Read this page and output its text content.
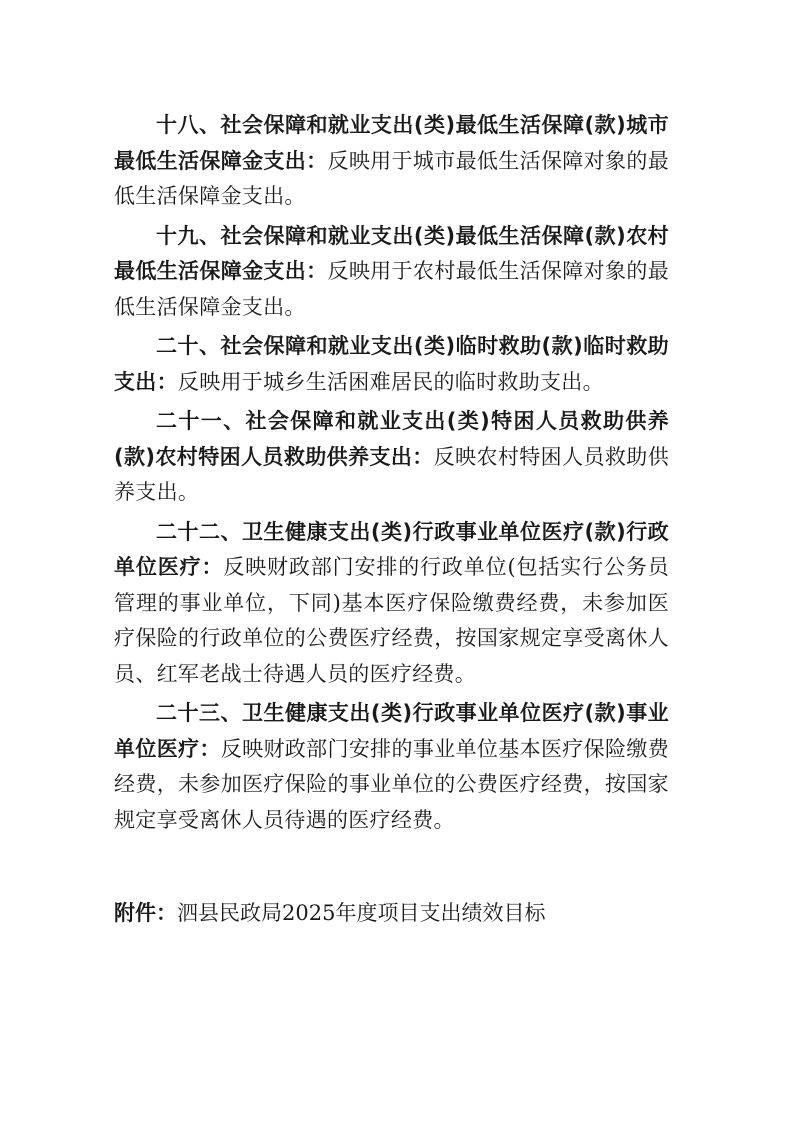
十八、社会保障和就业支出(类)最低生活保障(款)城市最低生活保障金支出：反映用于城市最低生活保障对象的最低生活保障金支出。

十九、社会保障和就业支出(类)最低生活保障(款)农村最低生活保障金支出：反映用于农村最低生活保障对象的最低生活保障金支出。

二十、社会保障和就业支出(类)临时救助(款)临时救助支出：反映用于城乡生活困难居民的临时救助支出。

二十一、社会保障和就业支出(类)特困人员救助供养(款)农村特困人员救助供养支出：反映农村特困人员救助供养支出。

二十二、卫生健康支出(类)行政事业单位医疗(款)行政单位医疗：反映财政部门安排的行政单位(包括实行公务员管理的事业单位，下同)基本医疗保险缴费经费，未参加医疗保险的行政单位的公费医疗经费，按国家规定享受离休人员、红军老战士待遇人员的医疗经费。

二十三、卫生健康支出(类)行政事业单位医疗(款)事业单位医疗：反映财政部门安排的事业单位基本医疗保险缴费经费，未参加医疗保险的事业单位的公费医疗经费，按国家规定享受离休人员待遇的医疗经费。

附件：泗县民政局2025年度项目支出绩效目标
